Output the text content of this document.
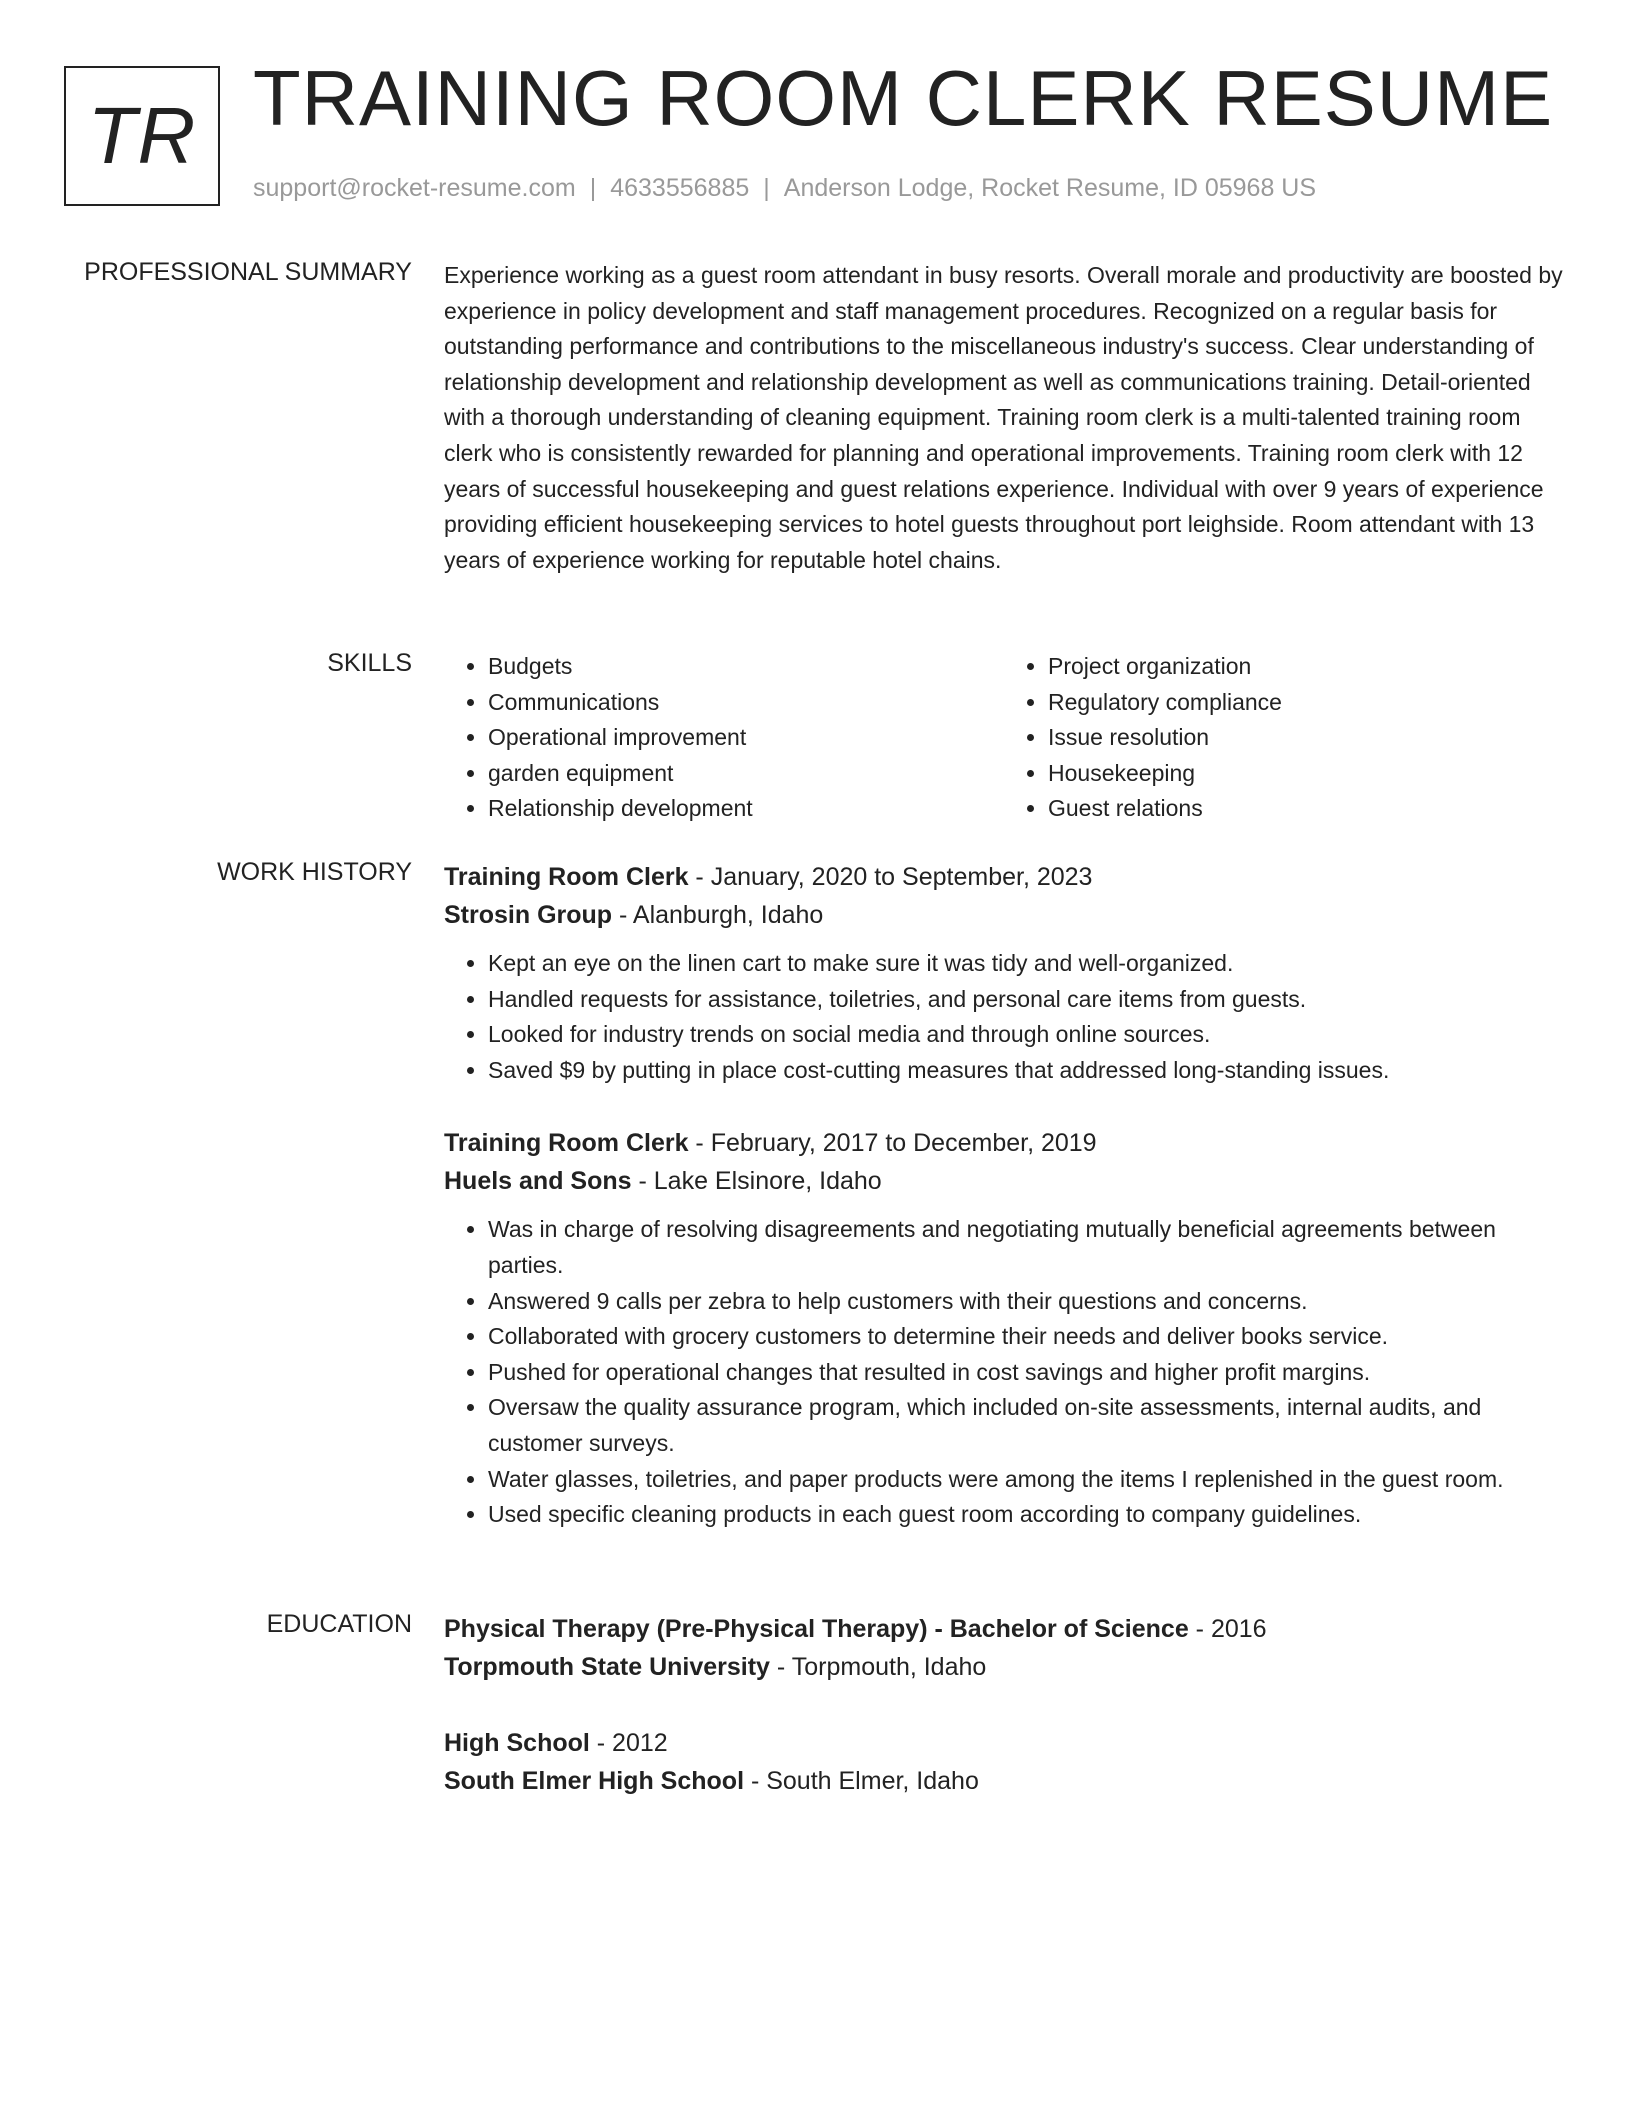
TR TRAINING ROOM CLERK RESUME
support@rocket-resume.com | 4633556885 | Anderson Lodge, Rocket Resume, ID 05968 US
PROFESSIONAL SUMMARY Experience working as a guest room attendant in busy resorts. Overall morale and productivity are boosted by experience in policy development and staff management procedures. Recognized on a regular basis for outstanding performance and contributions to the miscellaneous industry's success. Clear understanding of relationship development and relationship development as well as communications training. Detail-oriented with a thorough understanding of cleaning equipment. Training room clerk is a multi-talented training room clerk who is consistently rewarded for planning and operational improvements. Training room clerk with 12 years of successful housekeeping and guest relations experience. Individual with over 9 years of experience providing efficient housekeeping services to hotel guests throughout port leighside. Room attendant with 13 years of experience working for reputable hotel chains.

SKILLS
•	Budgets
• Communications
• Operational improvement
• garden equipment
• Relationship development
• Project organization
• Regulatory compliance
• Issue resolution
• Housekeeping
• Guest relations
WORK HISTORY Training Room Clerk - January, 2020 to September, 2023

Strosin Group - Alanburgh, Idaho

• Kept an eye on the linen cart to make sure it was tidy and well-organized.
• Handled requests for assistance, toiletries, and personal care items from guests.
• Looked for industry trends on social media and through online sources.
• Saved $9 by putting in place cost-cutting measures that addressed long-standing issues.

Training Room Clerk - February, 2017 to December, 2019

Huels and Sons - Lake Elsinore, Idaho

• Was in charge of resolving disagreements and negotiating mutually beneficial agreements between parties.
• Answered 9 calls per zebra to help customers with their questions and concerns.
• Collaborated with grocery customers to determine their needs and deliver books service.
• Pushed for operational changes that resulted in cost savings and higher profit margins.
• Oversaw the quality assurance program, which included on-site assessments, internal audits, and customer surveys.
• Water glasses, toiletries, and paper products were among the items I replenished in the guest room.
• Used specific cleaning products in each guest room according to company guidelines.
EDUCATION Physical Therapy (Pre-Physical Therapy) - Bachelor of Science - 2016

Torpmouth State University - Torpmouth, Idaho

High School - 2012

South Elmer High School - South Elmer, Idaho
